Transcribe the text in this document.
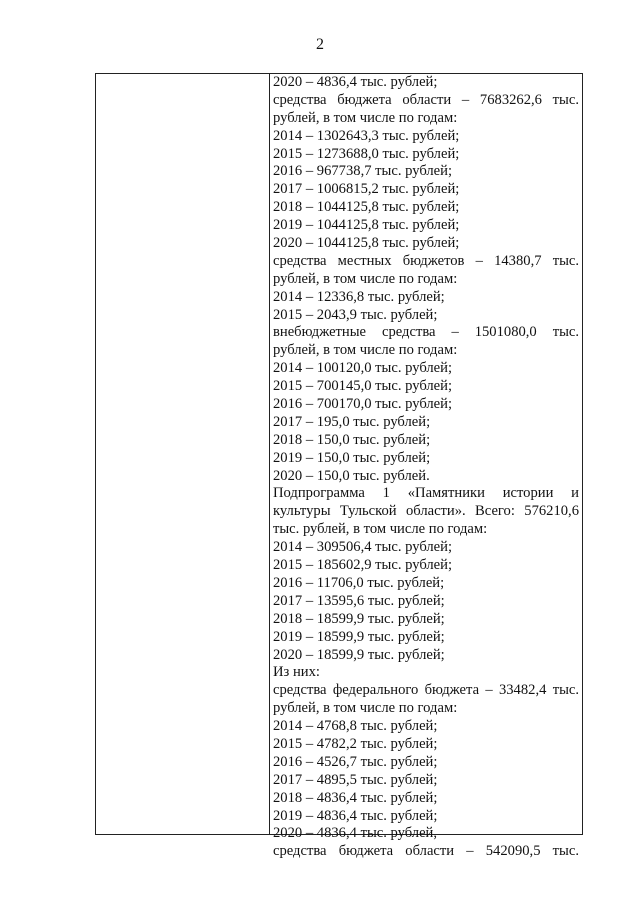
2
2020 – 4836,4 тыс. рублей;
средства бюджета области – 7683262,6 тыс.
рублей, в том числе по годам:
2014 – 1302643,3 тыс. рублей;
2015 – 1273688,0 тыс. рублей;
2016 – 967738,7 тыс. рублей;
2017 – 1006815,2 тыс. рублей;
2018 – 1044125,8 тыс. рублей;
2019 – 1044125,8 тыс. рублей;
2020 – 1044125,8 тыс. рублей;
средства местных бюджетов – 14380,7 тыс.
рублей, в том числе по годам:
2014 – 12336,8 тыс. рублей;
2015 – 2043,9 тыс. рублей;
внебюджетные средства – 1501080,0 тыс.
рублей, в том числе по годам:
2014 – 100120,0 тыс. рублей;
2015 – 700145,0 тыс. рублей;
2016 – 700170,0 тыс. рублей;
2017 – 195,0 тыс. рублей;
2018 – 150,0 тыс. рублей;
2019 – 150,0 тыс. рублей;
2020 – 150,0 тыс. рублей.
Подпрограмма 1 «Памятники истории и
культуры Тульской области». Всего: 576210,6
тыс. рублей, в том числе по годам:
2014 – 309506,4 тыс. рублей;
2015 – 185602,9 тыс. рублей;
2016 – 11706,0 тыс. рублей;
2017 – 13595,6 тыс. рублей;
2018 – 18599,9 тыс. рублей;
2019 – 18599,9 тыс. рублей;
2020 – 18599,9 тыс. рублей;
Из них:
средства федерального бюджета – 33482,4 тыс.
рублей, в том числе по годам:
2014 – 4768,8 тыс. рублей;
2015 – 4782,2 тыс. рублей;
2016 – 4526,7 тыс. рублей;
2017 – 4895,5 тыс. рублей;
2018 – 4836,4 тыс. рублей;
2019 – 4836,4 тыс. рублей;
2020 – 4836,4 тыс. рублей,
средства бюджета области – 542090,5 тыс.
